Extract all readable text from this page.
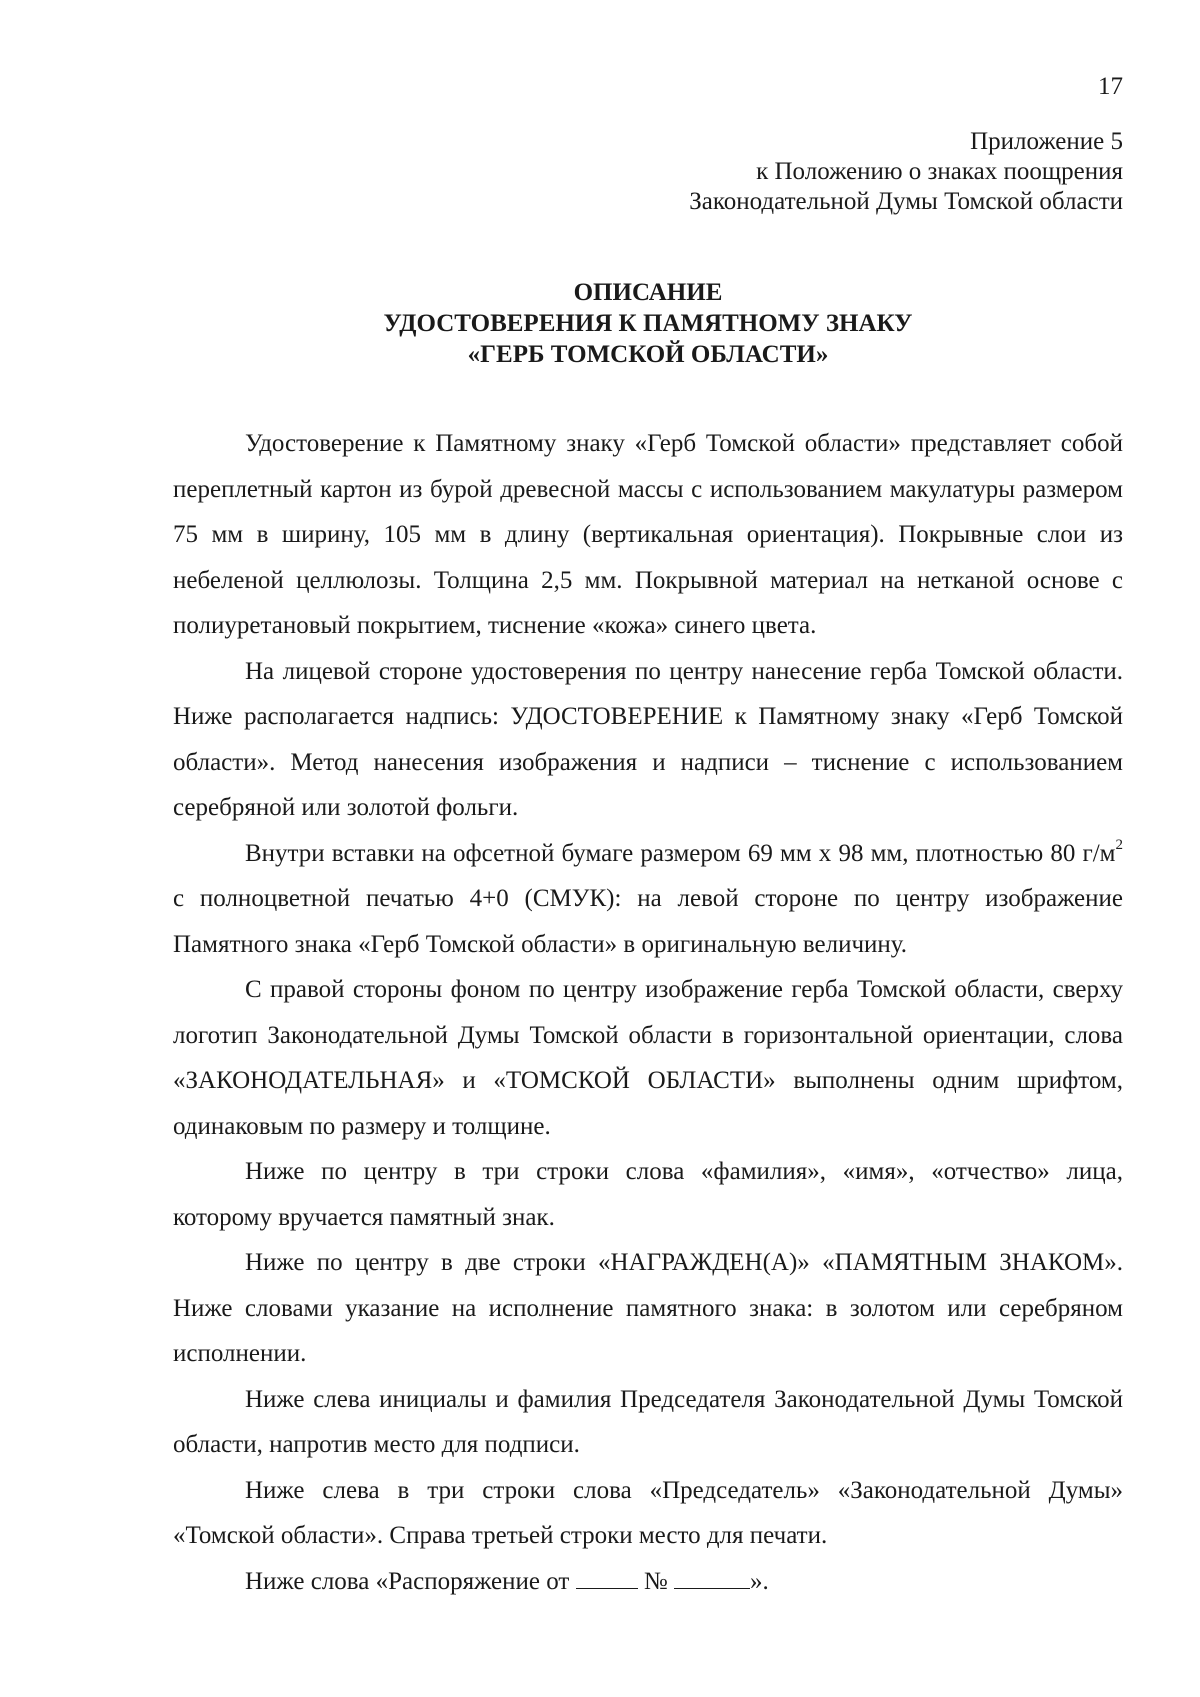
17
Приложение 5
к Положению о знаках поощрения
Законодательной Думы Томской области
ОПИСАНИЕ
УДОСТОВЕРЕНИЯ К ПАМЯТНОМУ ЗНАКУ
«ГЕРБ ТОМСКОЙ ОБЛАСТИ»

Удостоверение к Памятному знаку «Герб Томской области» представляет собой переплетный картон из бурой древесной массы с использованием макулатуры размером 75 мм в ширину, 105 мм в длину (вертикальная ориентация). Покрывные слои из небеленой целлюлозы. Толщина 2,5 мм. Покрывной материал на нетканой основе с полиуретановый покрытием, тиснение «кожа» синего цвета.

На лицевой стороне удостоверения по центру нанесение герба Томской области. Ниже располагается надпись: УДОСТОВЕРЕНИЕ к Памятному знаку «Герб Томской области». Метод нанесения изображения и надписи – тиснение с использованием серебряной или золотой фольги.

Внутри вставки на офсетной бумаге размером 69 мм х 98 мм, плотностью 80 $г/м^2$ с полноцветной печатью 4+0 (СМУК): на левой стороне по центру изображение Памятного знака «Герб Томской области» в оригинальную величину.

С правой стороны фоном по центру изображение герба Томской области, сверху логотип Законодательной Думы Томской области в горизонтальной ориентации, слова «ЗАКОНОДАТЕЛЬНАЯ» и «ТОМСКОЙ ОБЛАСТИ» выполнены одним шрифтом, одинаковым по размеру и толщине.

Ниже по центру в три строки слова «фамилия», «имя», «отчество» лица, которому вручается памятный знак.

Ниже по центру в две строки «НАГРАЖДЕН(А)» «ПАМЯТНЫМ ЗНАКОМ». Ниже словами указание на исполнение памятного знака: в золотом или серебряном исполнении.

Ниже слева инициалы и фамилия Председателя Законодательной Думы Томской области, напротив место для подписи.

Ниже слева в три строки слова «Председатель» «Законодательной Думы» «Томской области». Справа третьей строки место для печати.

Ниже слова «Распоряжение от  №	».
